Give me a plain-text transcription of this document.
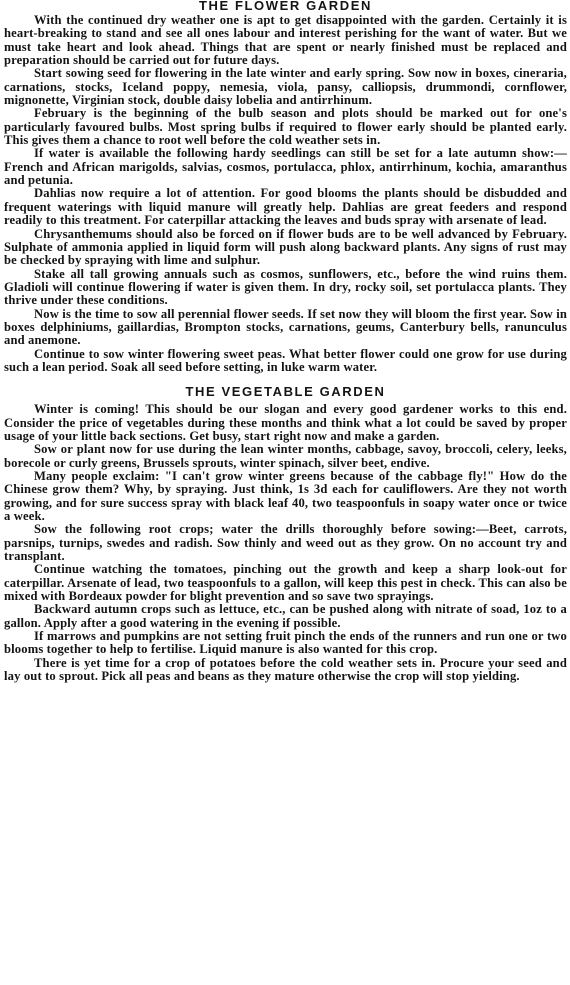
THE FLOWER GARDEN

With the continued dry weather one is apt to get disappointed with the garden. Certainly it is heart-breaking to stand and see all ones labour and interest perishing for the want of water. But we must take heart and look ahead. Things that are spent or nearly finished must be replaced and preparation should be carried out for future days.

Start sowing seed for flowering in the late winter and early spring. Sow now in boxes, cineraria, carnations, stocks, Iceland poppy, nemesia, viola, pansy, calliopsis, drummondi, cornflower, mignonette, Virginian stock, double daisy lobelia and antirrhinum.

February is the beginning of the bulb season and plots should be marked out for one's particularly favoured bulbs. Most spring bulbs if required to flower early should be planted early. This gives them a chance to root well before the cold weather sets in.

If water is available the following hardy seedlings can still be set for a late autumn show:—French and African marigolds, salvias, cosmos, portulacca, phlox, antirrhinum, kochia, amaranthus and petunia.

Dahlias now require a lot of attention. For good blooms the plants should be disbudded and frequent waterings with liquid manure will greatly help. Dahlias are great feeders and respond readily to this treatment. For caterpillar attacking the leaves and buds spray with arsenate of lead.

Chrysanthemums should also be forced on if flower buds are to be well advanced by February. Sulphate of ammonia applied in liquid form will push along backward plants. Any signs of rust may be checked by spraying with lime and sulphur.

Stake all tall growing annuals such as cosmos, sunflowers, etc., before the wind ruins them. Gladioli will continue flowering if water is given them. In dry, rocky soil, set portulacca plants. They thrive under these conditions.

Now is the time to sow all perennial flower seeds. If set now they will bloom the first year. Sow in boxes delphiniums, gaillardias, Brompton stocks, carnations, geums, Canterbury bells, ranunculus and anemone.

Continue to sow winter flowering sweet peas. What better flower could one grow for use during such a lean period. Soak all seed before setting, in luke warm water.

THE VEGETABLE GARDEN

Winter is coming! This should be our slogan and every good gardener works to this end. Consider the price of vegetables during these months and think what a lot could be saved by proper usage of your little back sections. Get busy, start right now and make a garden.

Sow or plant now for use during the lean winter months, cabbage, savoy, broccoli, celery, leeks, borecole or curly greens, Brussels sprouts, winter spinach, silver beet, endive.

Many people exclaim: "I can't grow winter greens because of the cabbage fly!" How do the Chinese grow them? Why, by spraying. Just think, 1s 3d each for cauliflowers. Are they not worth growing, and for sure success spray with black leaf 40, two teaspoonfuls in soapy water once or twice a week.

Sow the following root crops; water the drills thoroughly before sowing:—Beet, carrots, parsnips, turnips, swedes and radish. Sow thinly and weed out as they grow. On no account try and transplant.

Continue watching the tomatoes, pinching out the growth and keep a sharp look-out for caterpillar. Arsenate of lead, two teaspoonfuls to a gallon, will keep this pest in check. This can also be mixed with Bordeaux powder for blight prevention and so save two sprayings.

Backward autumn crops such as lettuce, etc., can be pushed along with nitrate of soad, 1oz to a gallon. Apply after a good watering in the evening if possible.

If marrows and pumpkins are not setting fruit pinch the ends of the runners and run one or two blooms together to help to fertilise. Liquid manure is also wanted for this crop.

There is yet time for a crop of potatoes before the cold weather sets in. Procure your seed and lay out to sprout. Pick all peas and beans as they mature otherwise the crop will stop yielding.
